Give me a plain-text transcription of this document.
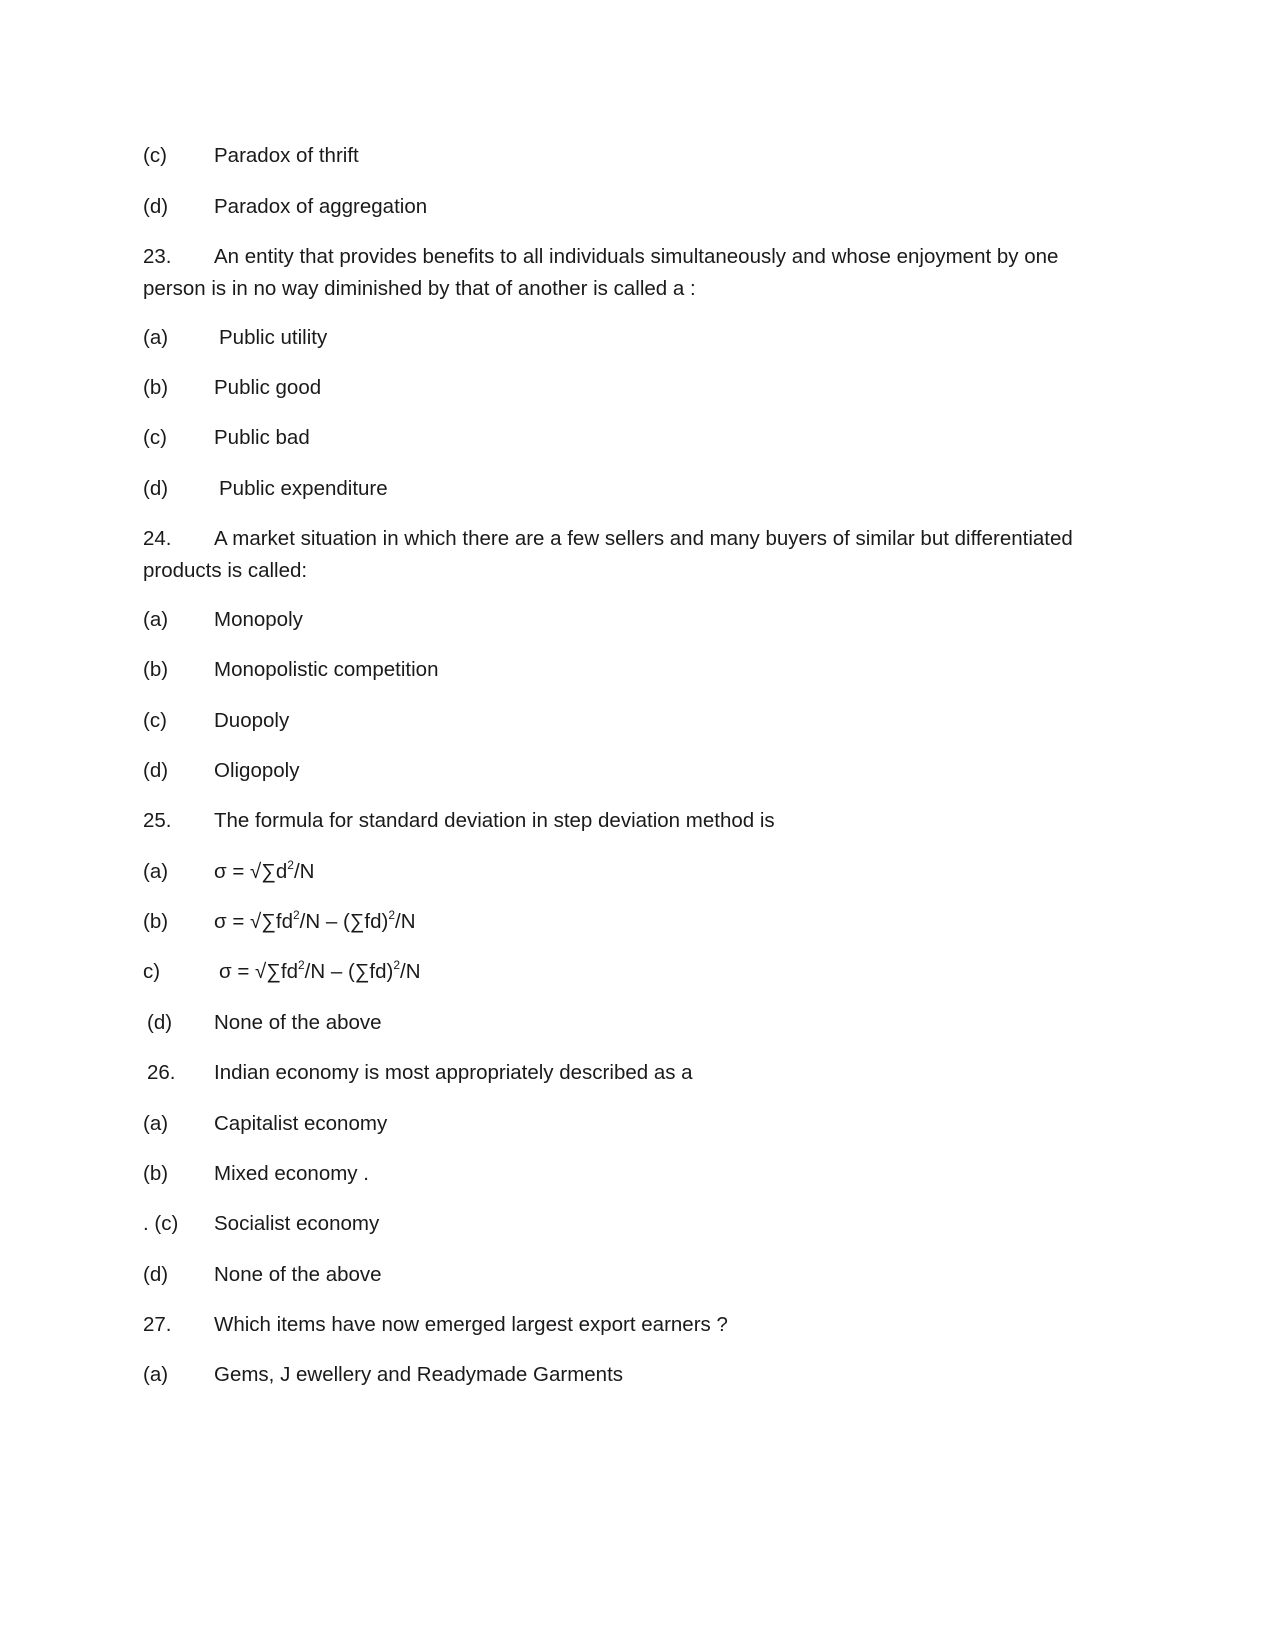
(c) Paradox of thrift
(d) Paradox of aggregation
23. An entity that provides benefits to all individuals simultaneously and whose enjoyment by one person is in no way diminished by that of another is called a :
(a) Public utility
(b) Public good
(c) Public bad
(d) Public expenditure
24. A market situation in which there are a few sellers and many buyers of similar but differentiated products is called:
(a) Monopoly
(b) Monopolistic competition
(c) Duopoly
(d) Oligopoly
25. The formula for standard deviation in step deviation method is
(a) $\sigma = √\sum d^2/N$
(b) $\sigma = √\sum fd^2/N - (\sum fd)^2/N$
c)	$\sigma = √\sum fd^2/N - (\sum fd)^2/N$
(d) None of the above
26. Indian economy is most appropriately described as a
(a) Capitalist economy
(b) Mixed economy .
. (c) Socialist economy
(d) None of the above
27. Which items have now emerged largest export earners ?
(a) Gems, J ewellery and Readymade Garments
